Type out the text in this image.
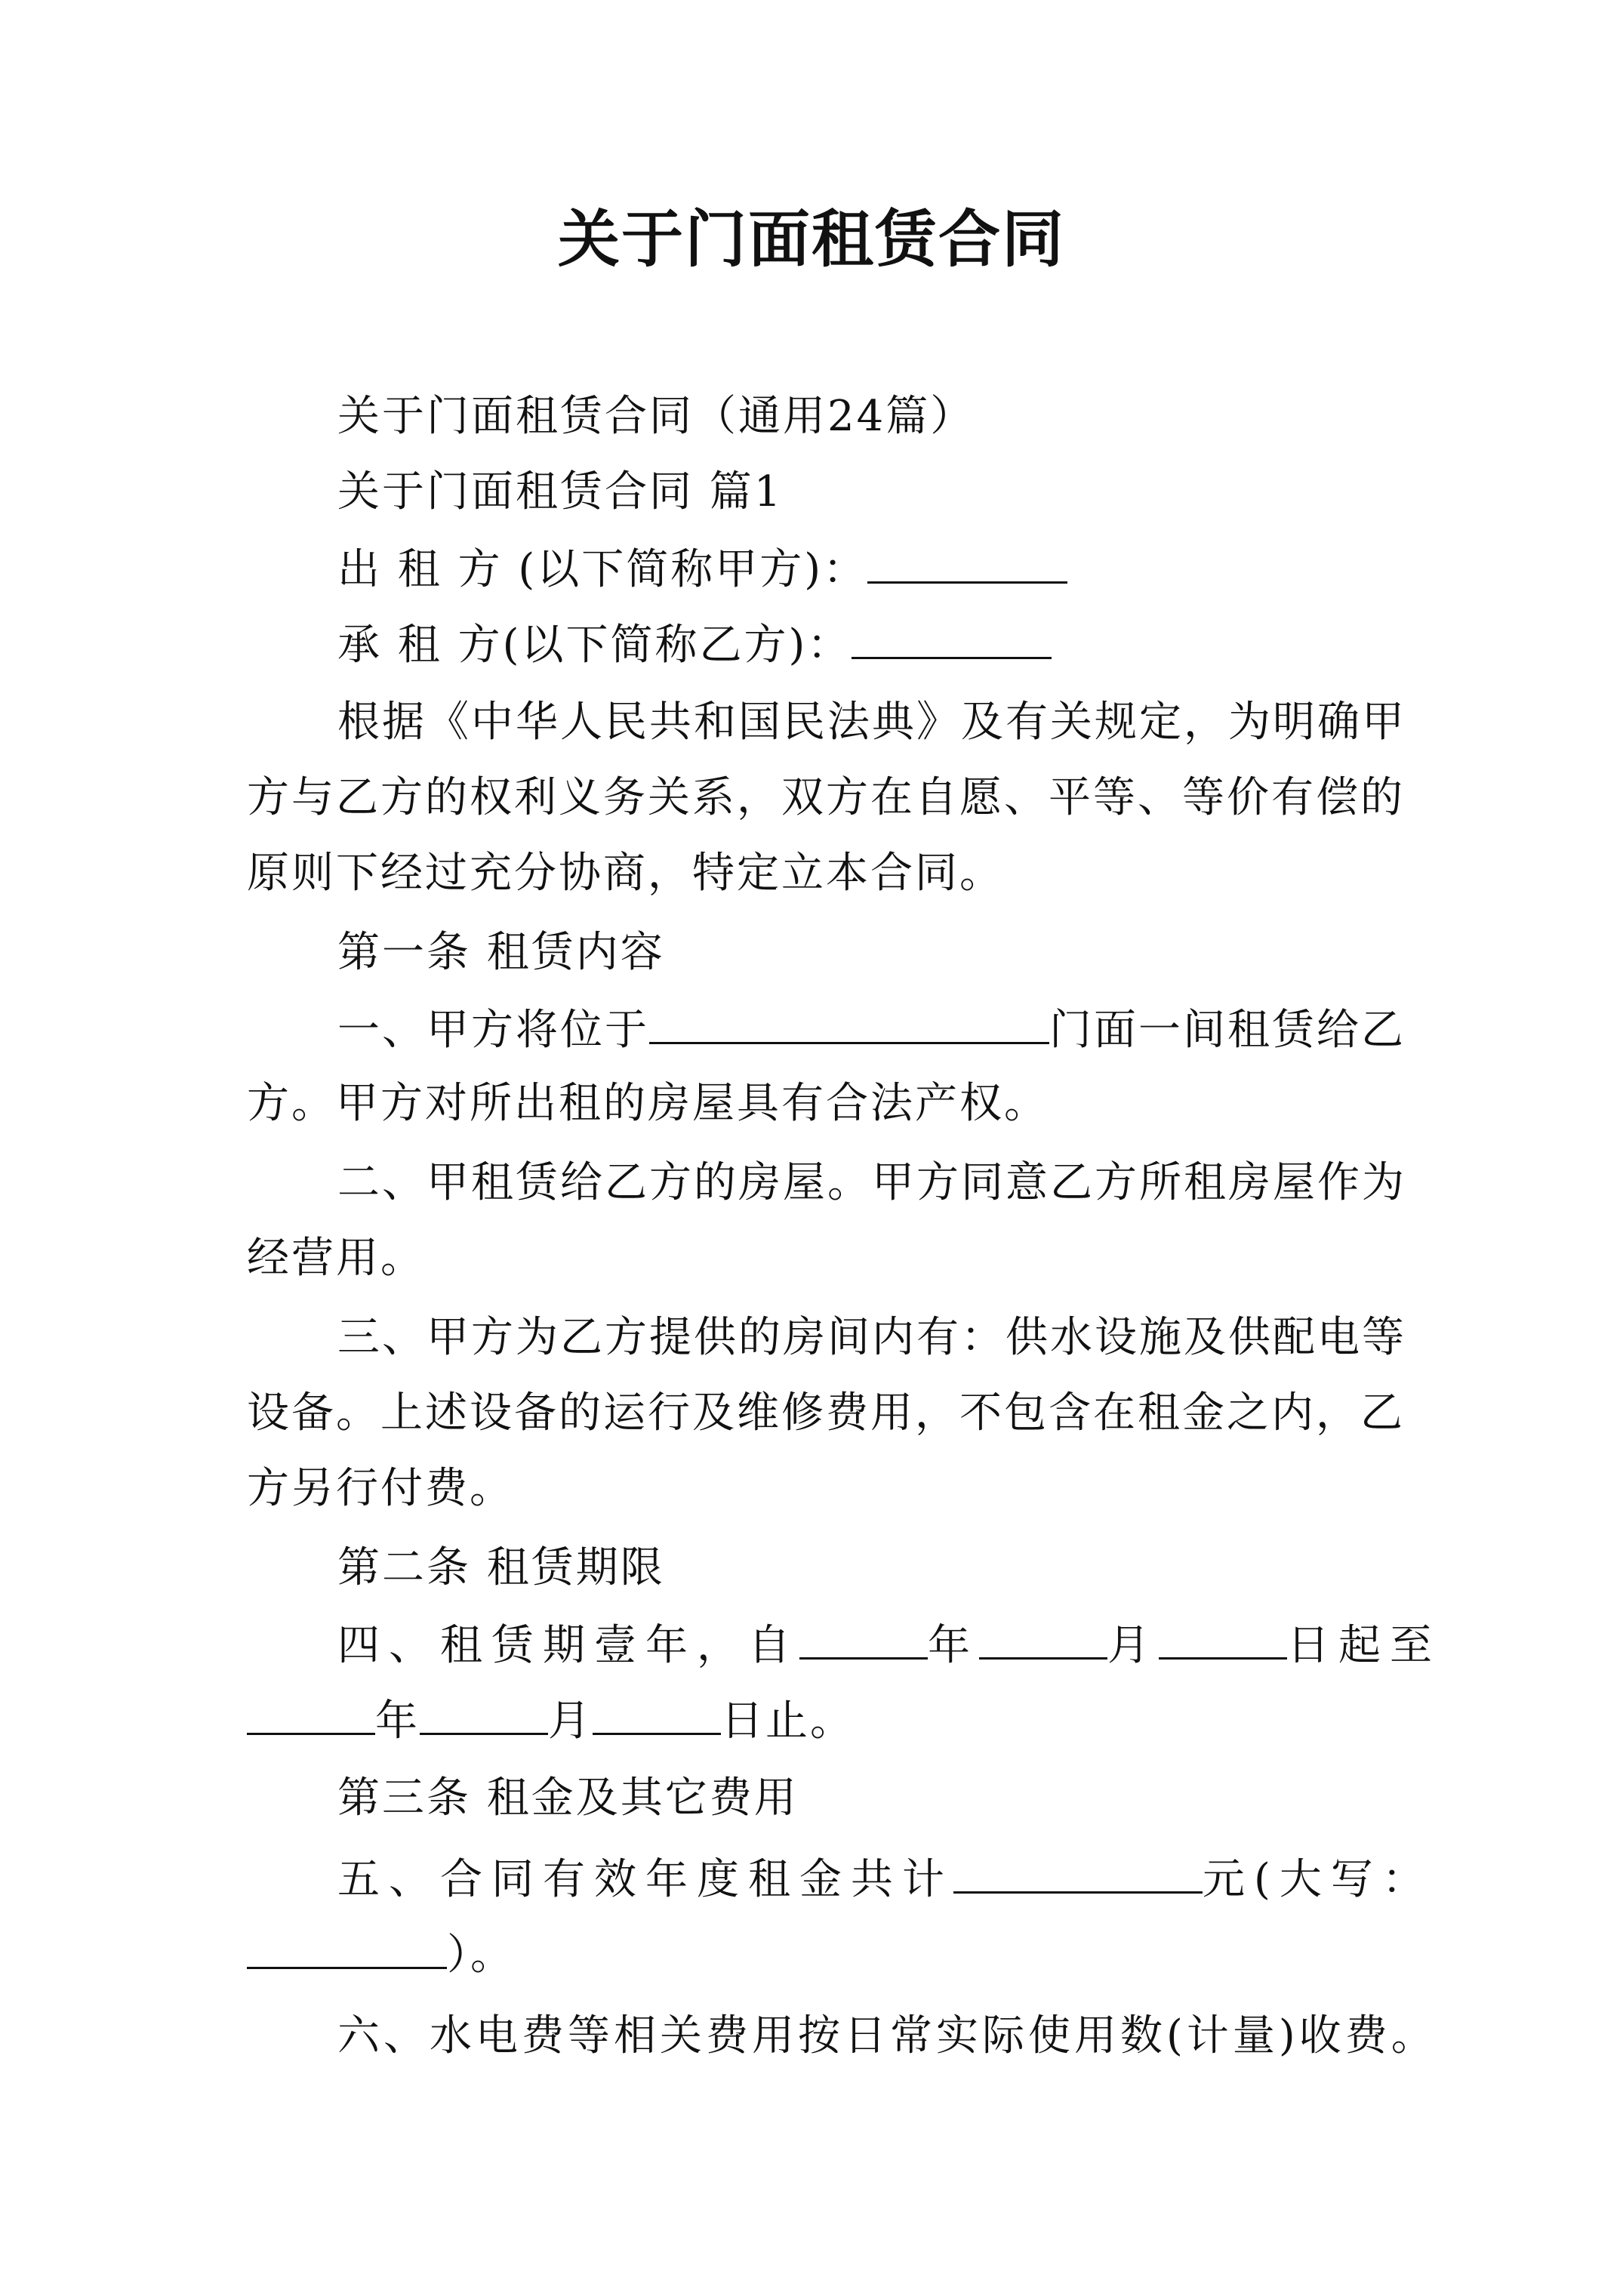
关于门面租赁合同
关于门面租赁合同（通用24篇）
关于门面租赁合同 篇1
出 租 方 (以下简称甲方)：
承 租 方(以下简称乙方)：
根据《中华人民共和国民法典》及有关规定，为明确甲
方与乙方的权利义务关系，双方在自愿、平等、等价有偿的
原则下经过充分协商，特定立本合同。
第一条 租赁内容
一、甲方将位于	门面一间租赁给乙
方。甲方对所出租的房屋具有合法产权。
二、甲租赁给乙方的房屋。甲方同意乙方所租房屋作为
经营用。
三、甲方为乙方提供的房间内有：供水设施及供配电等
设备。上述设备的运行及维修费用，不包含在租金之内，乙
方另行付费。
第二条 租赁期限
四、租赁期壹年，自	年	月	日起至
年	月	日止。
第三条 租金及其它费用
五、合同有效年度租金共计	元(大写：
）。
六、水电费等相关费用按日常实际使用数(计量)收费。
